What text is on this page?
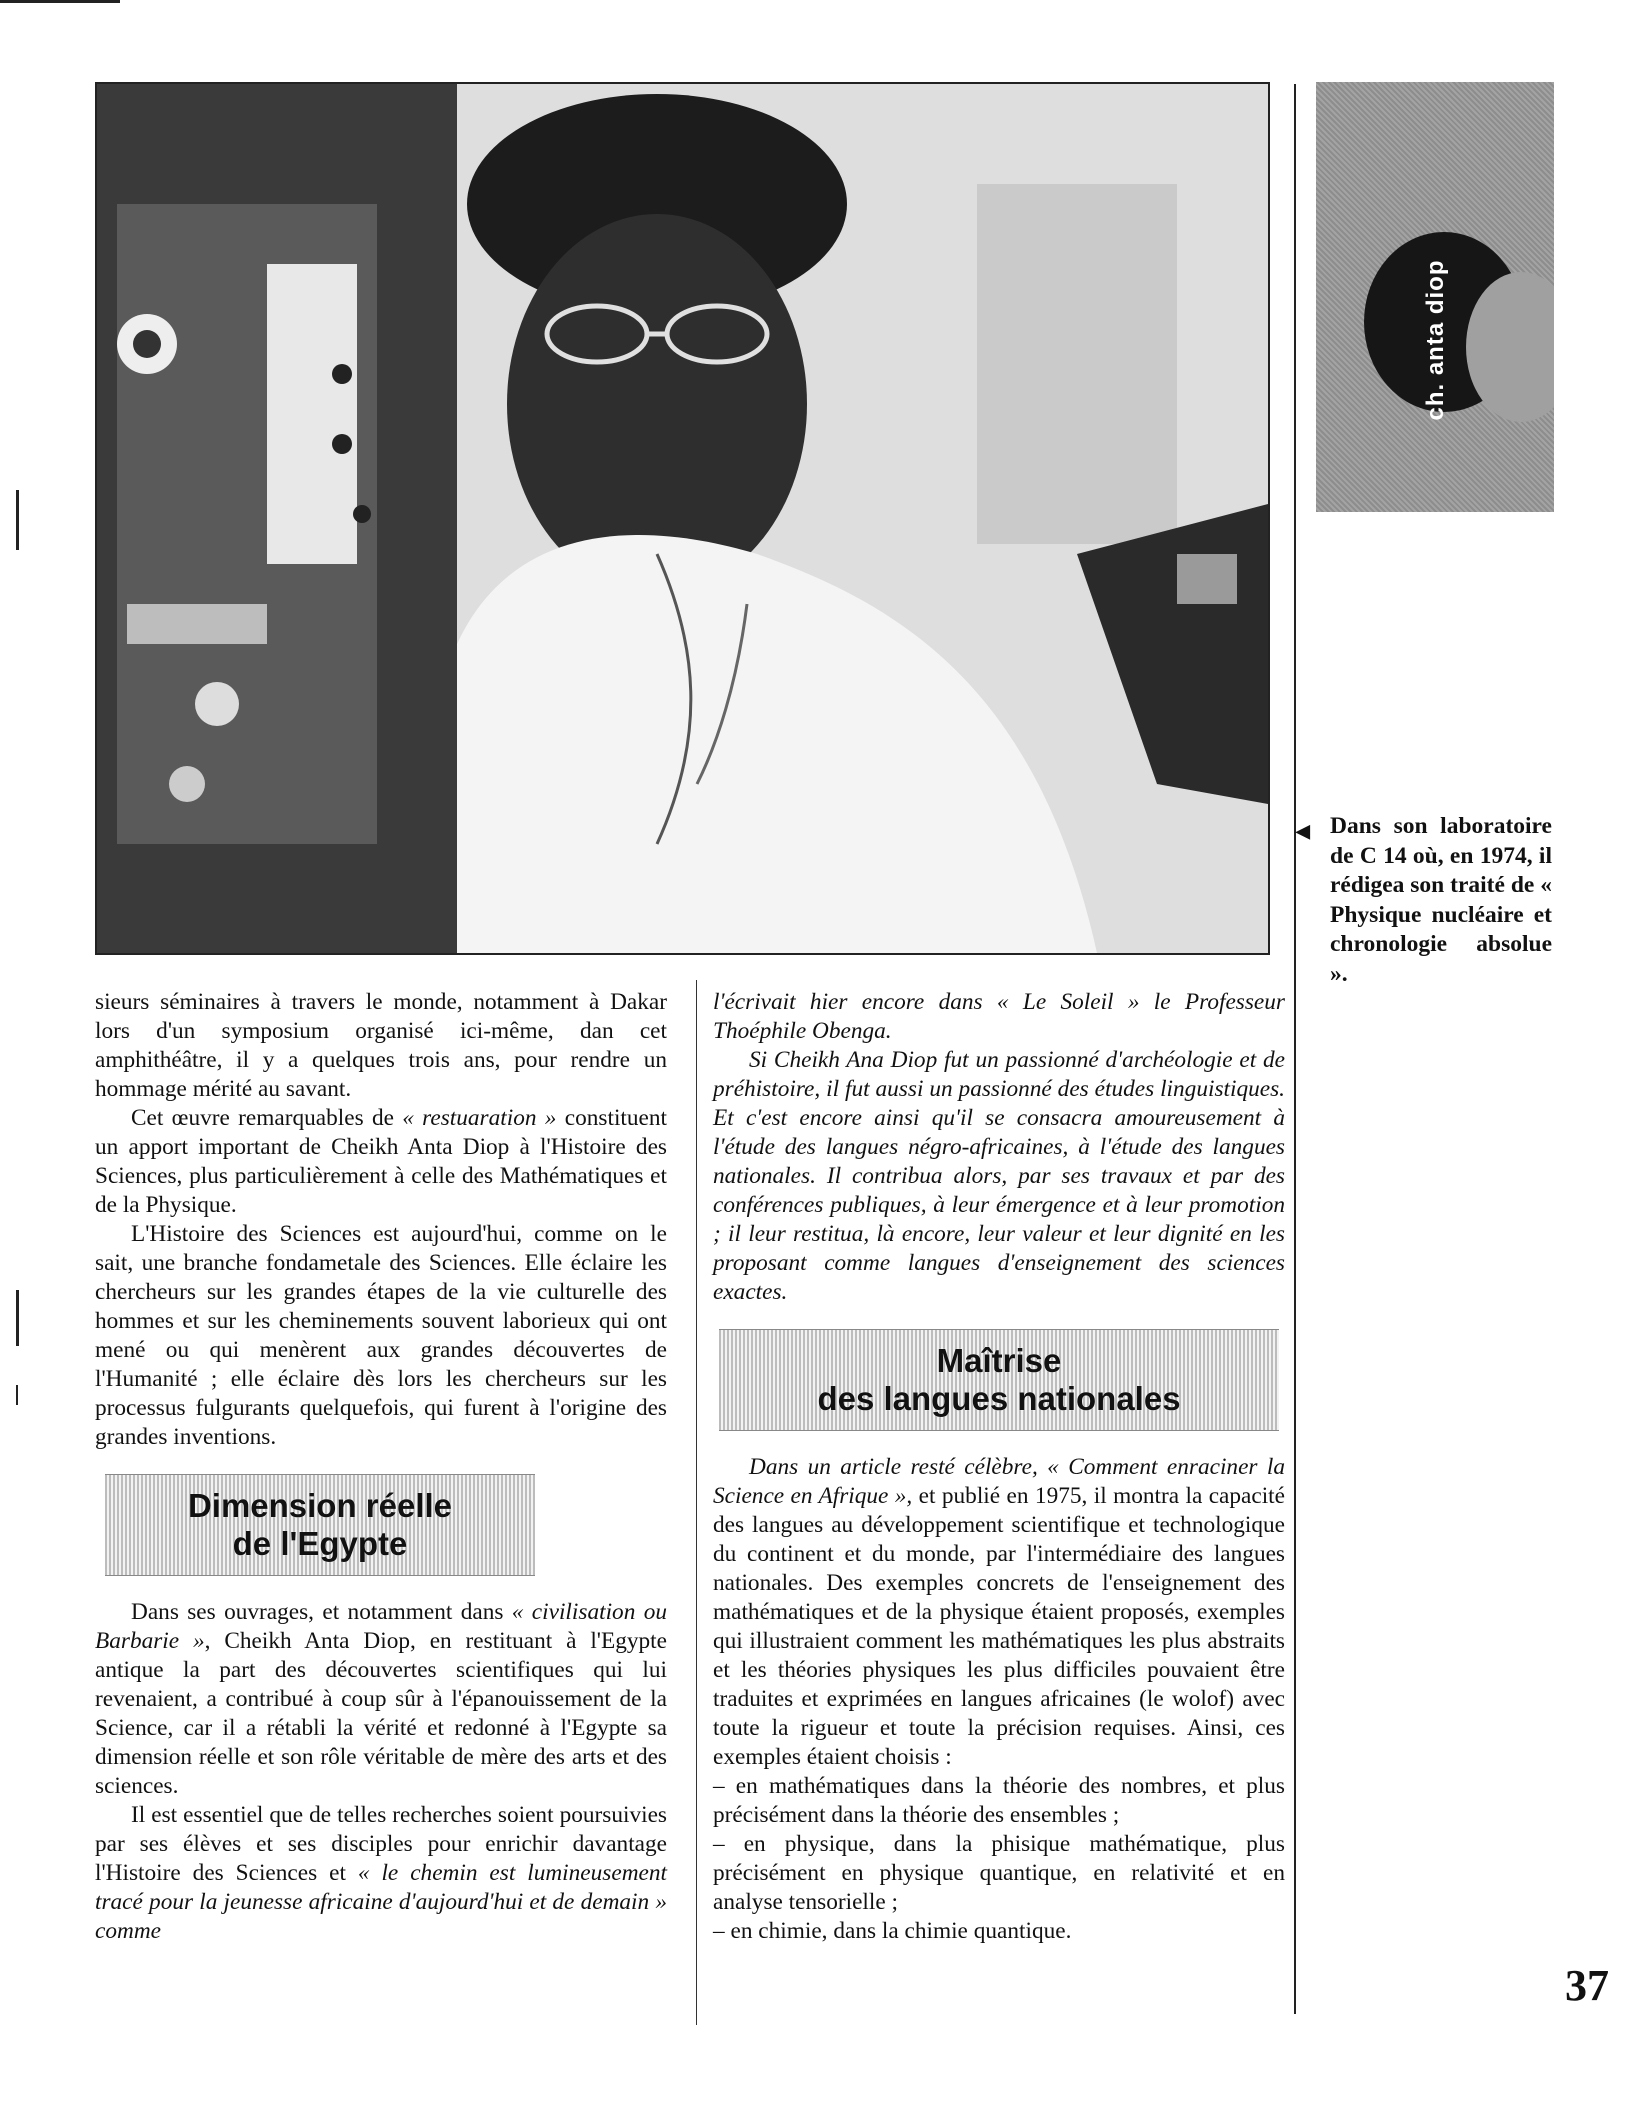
ch. anta diop
◀ Dans son laboratoire de C 14 où, en 1974, il rédigea son traité de « Physique nucléaire et chronologie absolue ».

sieurs séminaires à travers le monde, notamment à Dakar lors d'un symposium organisé ici-même, dan cet amphithéâtre, il y a quelques trois ans, pour rendre un hommage mérité au savant.

Cet œuvre remarquables de « restuaration » constituent un apport important de Cheikh Anta Diop à l'Histoire des Sciences, plus particulièrement à celle des Mathématiques et de la Physique.

L'Histoire des Sciences est aujourd'hui, comme on le sait, une branche fondametale des Sciences. Elle éclaire les chercheurs sur les grandes étapes de la vie culturelle des hommes et sur les cheminements souvent laborieux qui ont mené ou qui menèrent aux grandes découvertes de l'Humanité ; elle éclaire dès lors les chercheurs sur les processus fulgurants quelquefois, qui furent à l'origine des grandes inventions.

Dimension réelle
de l'Egypte

Dans ses ouvrages, et notamment dans « civilisation ou Barbarie », Cheikh Anta Diop, en restituant à l'Egypte antique la part des découvertes scientifiques qui lui revenaient, a contribué à coup sûr à l'épanouissement de la Science, car il a rétabli la vérité et redonné à l'Egypte sa dimension réelle et son rôle véritable de mère des arts et des sciences.

Il est essentiel que de telles recherches soient poursuivies par ses élèves et ses disciples pour enrichir davantage l'Histoire des Sciences et « le chemin est lumineusement tracé pour la jeunesse africaine d'aujourd'hui et de demain » comme

l'écrivait hier encore dans « Le Soleil » le Professeur Thoéphile Obenga.

Si Cheikh Ana Diop fut un passionné d'archéologie et de préhistoire, il fut aussi un passionné des études linguistiques. Et c'est encore ainsi qu'il se consacra amoureusement à l'étude des langues négro-africaines, à l'étude des langues nationales. Il contribua alors, par ses travaux et par des conférences publiques, à leur émergence et à leur promotion ; il leur restitua, là encore, leur valeur et leur dignité en les proposant comme langues d'enseignement des sciences exactes.

Maîtrise
des langues nationales

Dans un article resté célèbre, « Comment enraciner la Science en Afrique », et publié en 1975, il montra la capacité des langues au développement scientifique et technologique du continent et du monde, par l'intermédiaire des langues nationales. Des exemples concrets de l'enseignement des mathématiques et de la physique étaient proposés, exemples qui illustraient comment les mathématiques les plus abstraits et les théories physiques les plus difficiles pouvaient être traduites et exprimées en langues africaines (le wolof) avec toute la rigueur et toute la précision requises. Ainsi, ces exemples étaient choisis :

– en mathématiques dans la théorie des nombres, et plus précisément dans la théorie des ensembles ;

– en physique, dans la phisique mathématique, plus précisément en physique quantique, en relativité et en analyse tensorielle ;

– en chimie, dans la chimie quantique.

37
